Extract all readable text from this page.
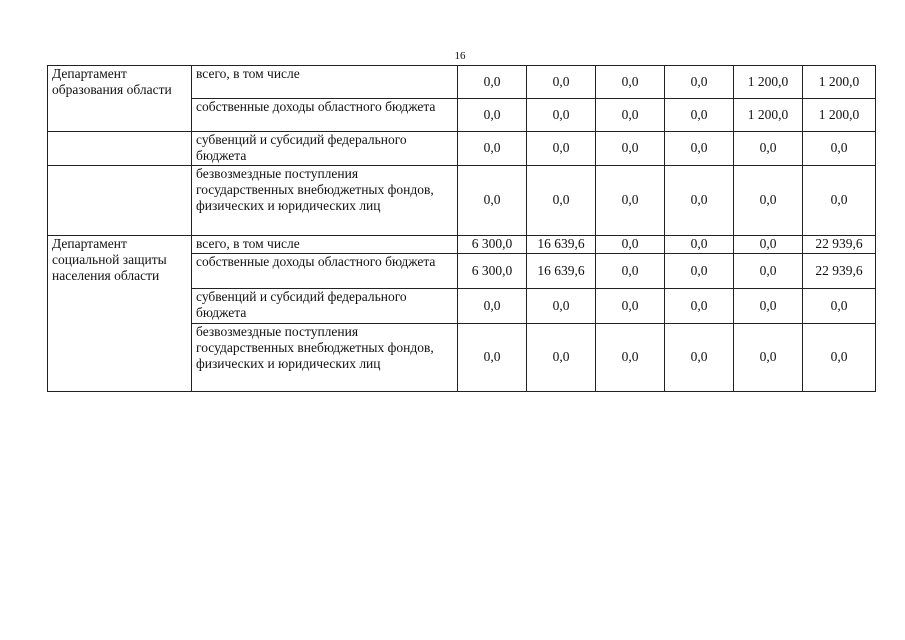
16
Департамент образования области	всего, в том числе	0,0	0,0	0,0	0,0	1 200,0	1 200,0
	собственные доходы областного бюджета	0,0	0,0	0,0	0,0	1 200,0	1 200,0
	субвенций и субсидий федерального бюджета	0,0	0,0	0,0	0,0	0,0	0,0
	безвозмездные поступления государственных внебюджетных фондов, физических и юридических лиц	0,0	0,0	0,0	0,0	0,0	0,0
Департамент социальной защиты населения области	всего, в том числе	6 300,0	16 639,6	0,0	0,0	0,0	22 939,6
	собственные доходы областного бюджета	6 300,0	16 639,6	0,0	0,0	0,0	22 939,6
	субвенций и субсидий федерального бюджета	0,0	0,0	0,0	0,0	0,0	0,0
	безвозмездные поступления государственных внебюджетных фондов, физических и юридических лиц	0,0	0,0	0,0	0,0	0,0	0,0
